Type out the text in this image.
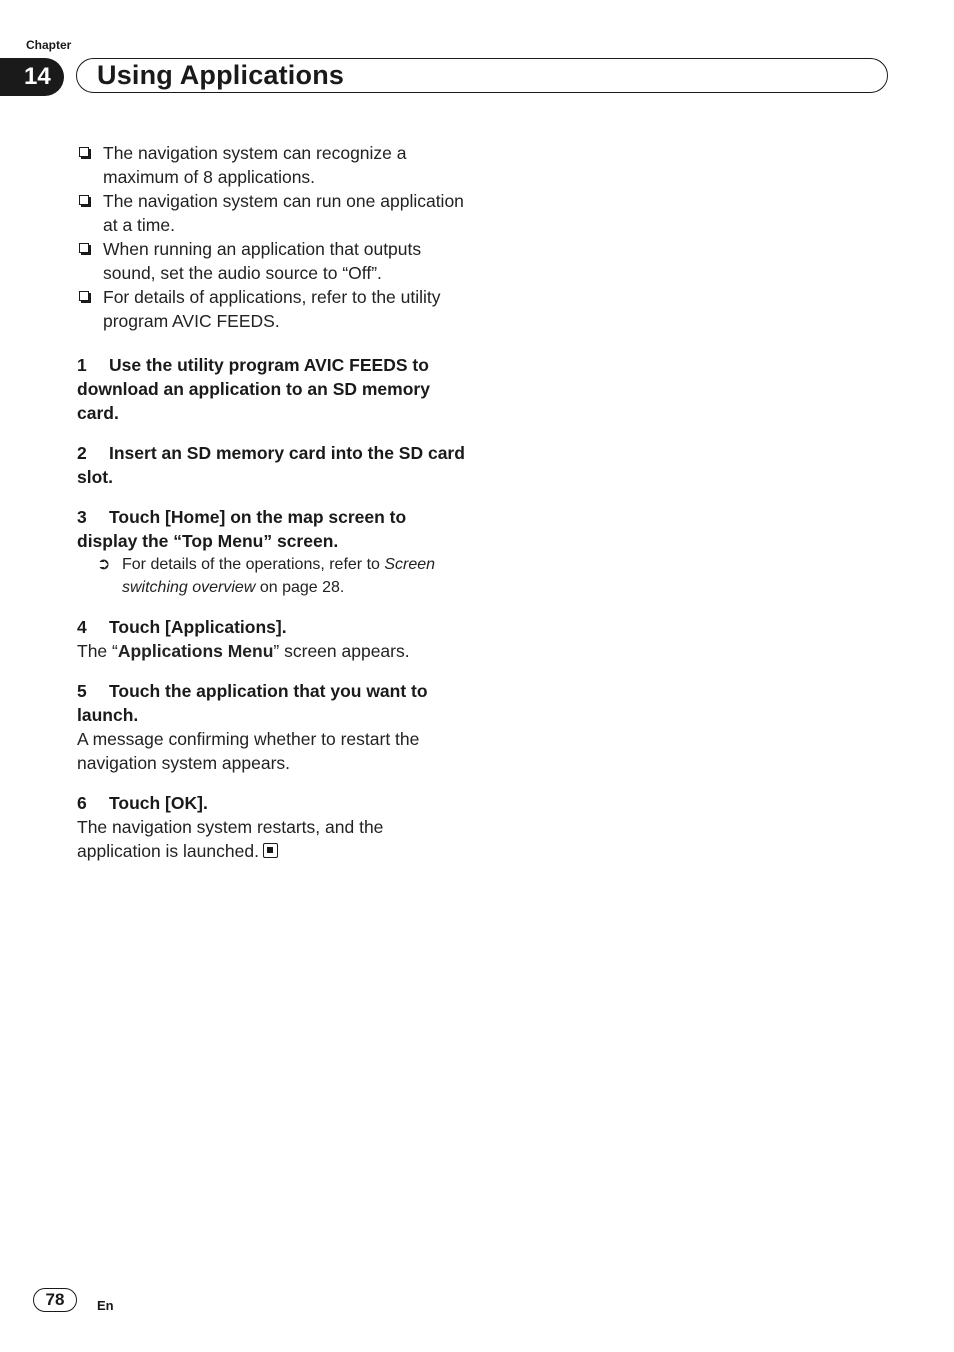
Chapter
14	Using Applications
The navigation system can recognize a maximum of 8 applications.
The navigation system can run one application at a time.
When running an application that outputs sound, set the audio source to “Off”.
For details of applications, refer to the utility program AVIC FEEDS.
1 Use the utility program AVIC FEEDS to download an application to an SD memory card.
2 Insert an SD memory card into the SD card slot.
3 Touch [Home] on the map screen to display the “Top Menu” screen.
➲ For details of the operations, refer to Screen switching overview on page 28.
4 Touch [Applications].
The “Applications Menu” screen appears.
5 Touch the application that you want to launch.
A message confirming whether to restart the navigation system appears.
6 Touch [OK].
The navigation system restarts, and the application is launched.
78	En
